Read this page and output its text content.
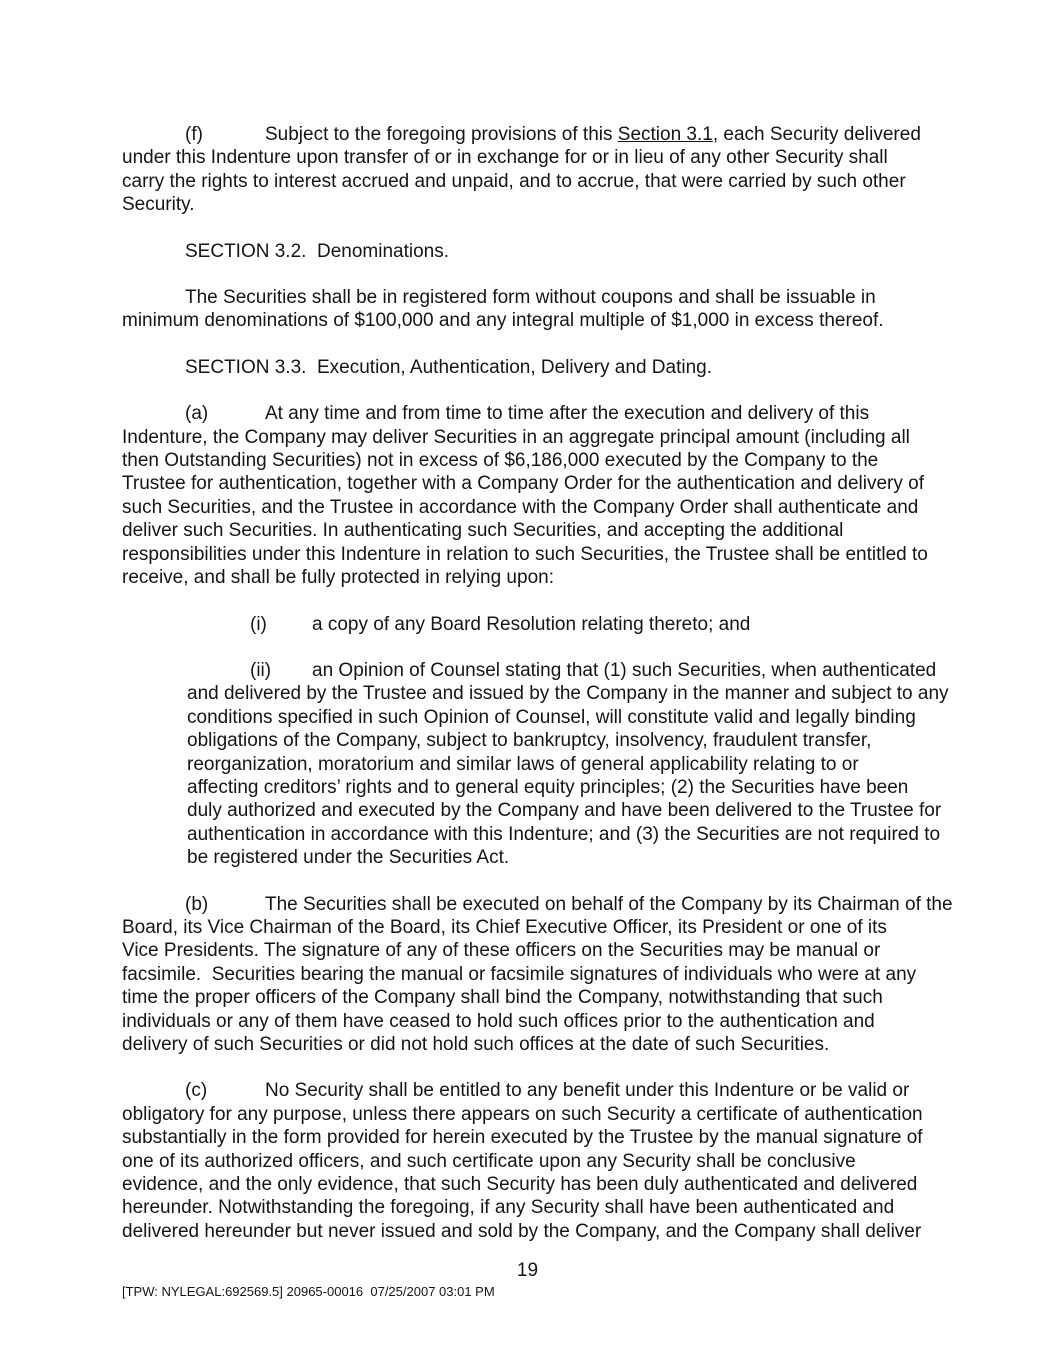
(f)	Subject to the foregoing provisions of this Section 3.1, each Security delivered
under this Indenture upon transfer of or in exchange for or in lieu of any other Security shall
carry the rights to interest accrued and unpaid, and to accrue, that were carried by such other
Security.

SECTION 3.2.  Denominations.

The Securities shall be in registered form without coupons and shall be issuable in
minimum denominations of $100,000 and any integral multiple of $1,000 in excess thereof.

SECTION 3.3.  Execution, Authentication, Delivery and Dating.

(a)	At any time and from time to time after the execution and delivery of this
Indenture, the Company may deliver Securities in an aggregate principal amount (including all
then Outstanding Securities) not in excess of $6,186,000 executed by the Company to the
Trustee for authentication, together with a Company Order for the authentication and delivery of
such Securities, and the Trustee in accordance with the Company Order shall authenticate and
deliver such Securities. In authenticating such Securities, and accepting the additional
responsibilities under this Indenture in relation to such Securities, the Trustee shall be entitled to
receive, and shall be fully protected in relying upon:

(i) a copy of any Board Resolution relating thereto; and

(ii) an Opinion of Counsel stating that (1) such Securities, when authenticated
and delivered by the Trustee and issued by the Company in the manner and subject to any
conditions specified in such Opinion of Counsel, will constitute valid and legally binding
obligations of the Company, subject to bankruptcy, insolvency, fraudulent transfer,
reorganization, moratorium and similar laws of general applicability relating to or
affecting creditors’ rights and to general equity principles; (2) the Securities have been
duly authorized and executed by the Company and have been delivered to the Trustee for
authentication in accordance with this Indenture; and (3) the Securities are not required to
be registered under the Securities Act.

(b)	The Securities shall be executed on behalf of the Company by its Chairman of the
Board, its Vice Chairman of the Board, its Chief Executive Officer, its President or one of its
Vice Presidents. The signature of any of these officers on the Securities may be manual or
facsimile.  Securities bearing the manual or facsimile signatures of individuals who were at any
time the proper officers of the Company shall bind the Company, notwithstanding that such
individuals or any of them have ceased to hold such offices prior to the authentication and
delivery of such Securities or did not hold such offices at the date of such Securities.

(c)	No Security shall be entitled to any benefit under this Indenture or be valid or
obligatory for any purpose, unless there appears on such Security a certificate of authentication
substantially in the form provided for herein executed by the Trustee by the manual signature of
one of its authorized officers, and such certificate upon any Security shall be conclusive
evidence, and the only evidence, that such Security has been duly authenticated and delivered
hereunder. Notwithstanding the foregoing, if any Security shall have been authenticated and
delivered hereunder but never issued and sold by the Company, and the Company shall deliver

19
[TPW: NYLEGAL:692569.5] 20965-00016  07/25/2007 03:01 PM
